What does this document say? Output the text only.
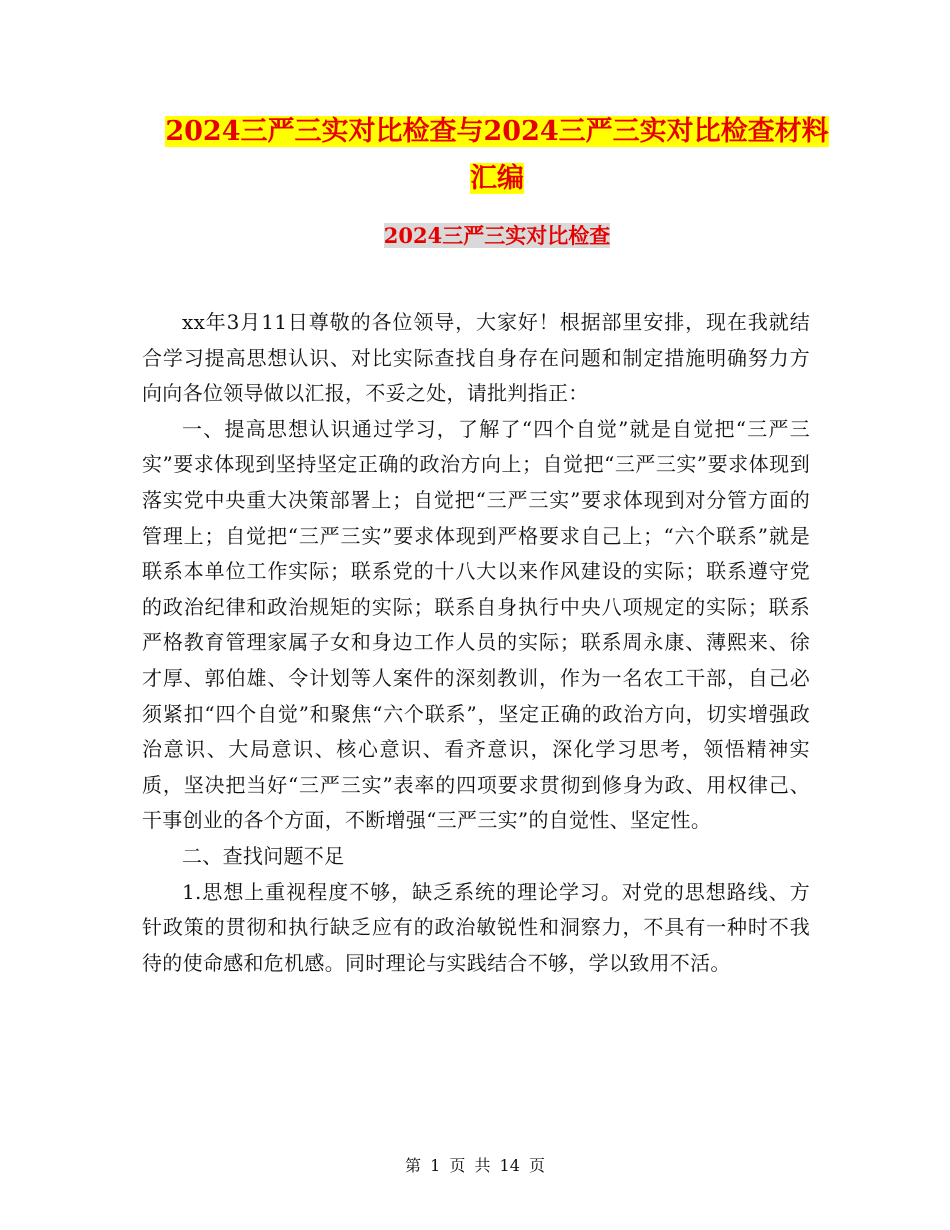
2024三严三实对比检查与2024三严三实对比检查材料
汇编
2024三严三实对比检查

xx年3月11日尊敬的各位领导，大家好！根据部里安排，现在我就结合学习提高思想认识、对比实际查找自身存在问题和制定措施明确努力方向向各位领导做以汇报，不妥之处，请批判指正：

一、提高思想认识通过学习，了解了“四个自觉”就是自觉把“三严三实”要求体现到坚持坚定正确的政治方向上；自觉把“三严三实”要求体现到落实党中央重大决策部署上；自觉把“三严三实”要求体现到对分管方面的管理上；自觉把“三严三实”要求体现到严格要求自己上；“六个联系”就是联系本单位工作实际；联系党的十八大以来作风建设的实际；联系遵守党的政治纪律和政治规矩的实际；联系自身执行中央八项规定的实际；联系严格教育管理家属子女和身边工作人员的实际；联系周永康、薄熙来、徐才厚、郭伯雄、令计划等人案件的深刻教训，作为一名农工干部，自己必须紧扣“四个自觉”和聚焦“六个联系”，坚定正确的政治方向，切实增强政治意识、大局意识、核心意识、看齐意识，深化学习思考，领悟精神实质，坚决把当好“三严三实”表率的四项要求贯彻到修身为政、用权律己、干事创业的各个方面，不断增强“三严三实”的自觉性、坚定性。

二、查找问题不足

1.思想上重视程度不够，缺乏系统的理论学习。对党的思想路线、方针政策的贯彻和执行缺乏应有的政治敏锐性和洞察力，不具有一种时不我待的使命感和危机感。同时理论与实践结合不够，学以致用不活。

第 1 页 共 14 页
